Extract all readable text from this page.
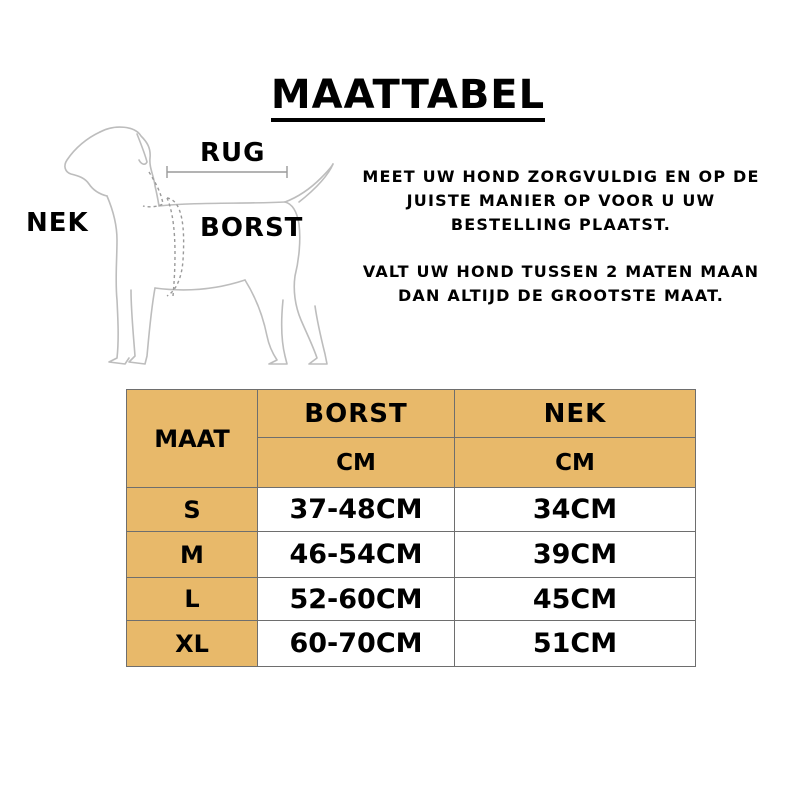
MAATTABEL
RUG
NEK	BORST

MEET UW HOND ZORGVULDIG EN OP DE JUISTE MANIER OP VOOR U UW BESTELLING PLAATST.

VALT UW HOND TUSSEN 2 MATEN MAAN DAN ALTIJD DE GROOTSTE MAAT.

MAAT	BORST	NEK
	CM	CM
S	37-48CM	34CM
M	46-54CM	39CM
L	52-60CM	45CM
XL	60-70CM	51CM
